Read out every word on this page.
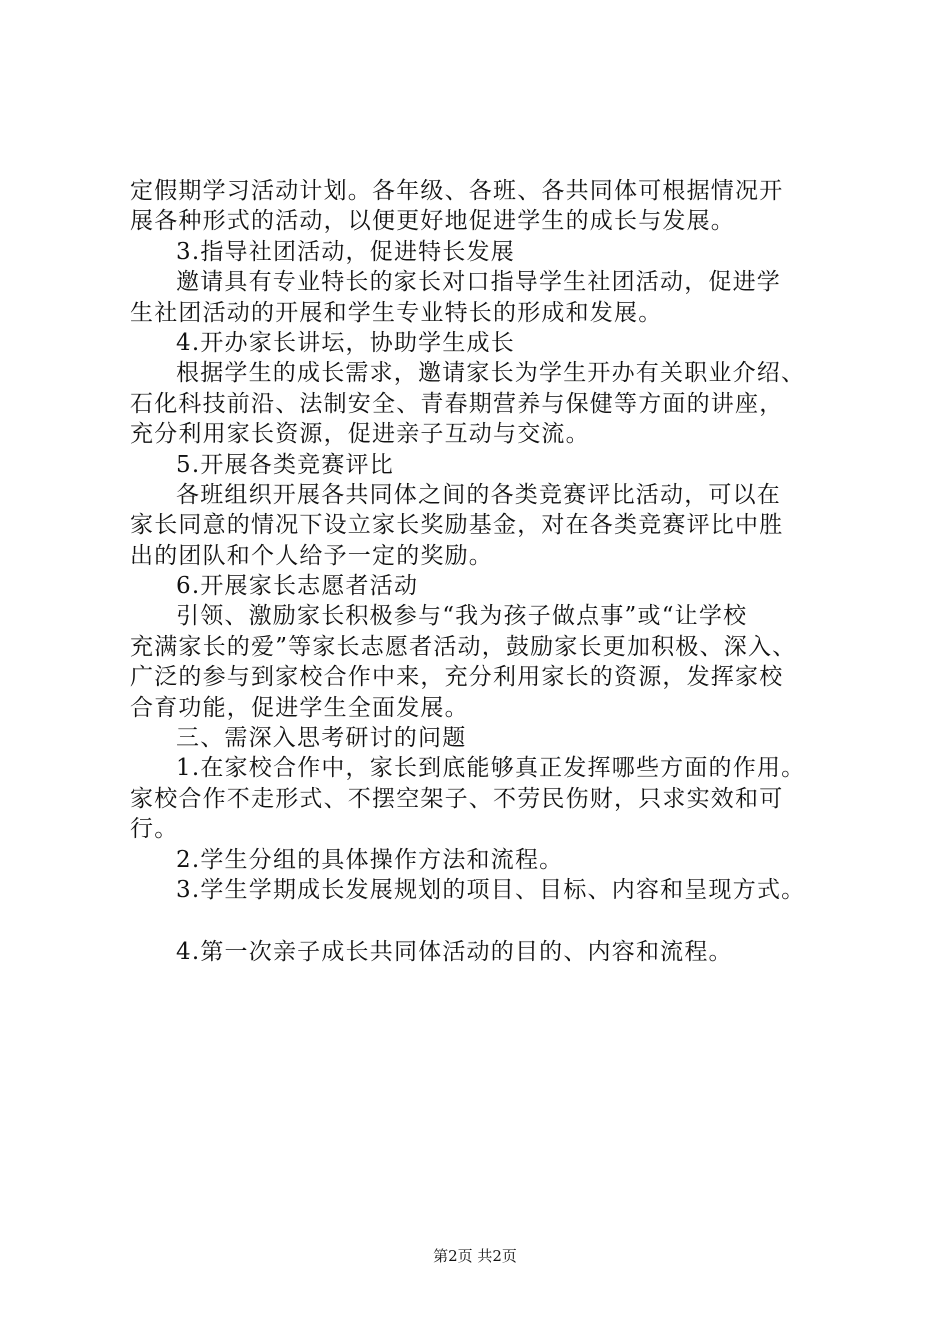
定假期学习活动计划。各年级、各班、各共同体可根据情况开
展各种形式的活动，以便更好地促进学生的成长与发展。
3.指导社团活动，促进特长发展
邀请具有专业特长的家长对口指导学生社团活动，促进学
生社团活动的开展和学生专业特长的形成和发展。
4.开办家长讲坛，协助学生成长
根据学生的成长需求，邀请家长为学生开办有关职业介绍、
石化科技前沿、法制安全、青春期营养与保健等方面的讲座，
充分利用家长资源，促进亲子互动与交流。
5.开展各类竞赛评比
各班组织开展各共同体之间的各类竞赛评比活动，可以在
家长同意的情况下设立家长奖励基金，对在各类竞赛评比中胜
出的团队和个人给予一定的奖励。
6.开展家长志愿者活动
引领、激励家长积极参与“我为孩子做点事”或“让学校
充满家长的爱”等家长志愿者活动，鼓励家长更加积极、深入、
广泛的参与到家校合作中来，充分利用家长的资源，发挥家校
合育功能，促进学生全面发展。
三、需深入思考研讨的问题
1.在家校合作中，家长到底能够真正发挥哪些方面的作用。
家校合作不走形式、不摆空架子、不劳民伤财，只求实效和可
行。
2.学生分组的具体操作方法和流程。
3.学生学期成长发展规划的项目、目标、内容和呈现方式。
4.第一次亲子成长共同体活动的目的、内容和流程。
第2页 共2页
